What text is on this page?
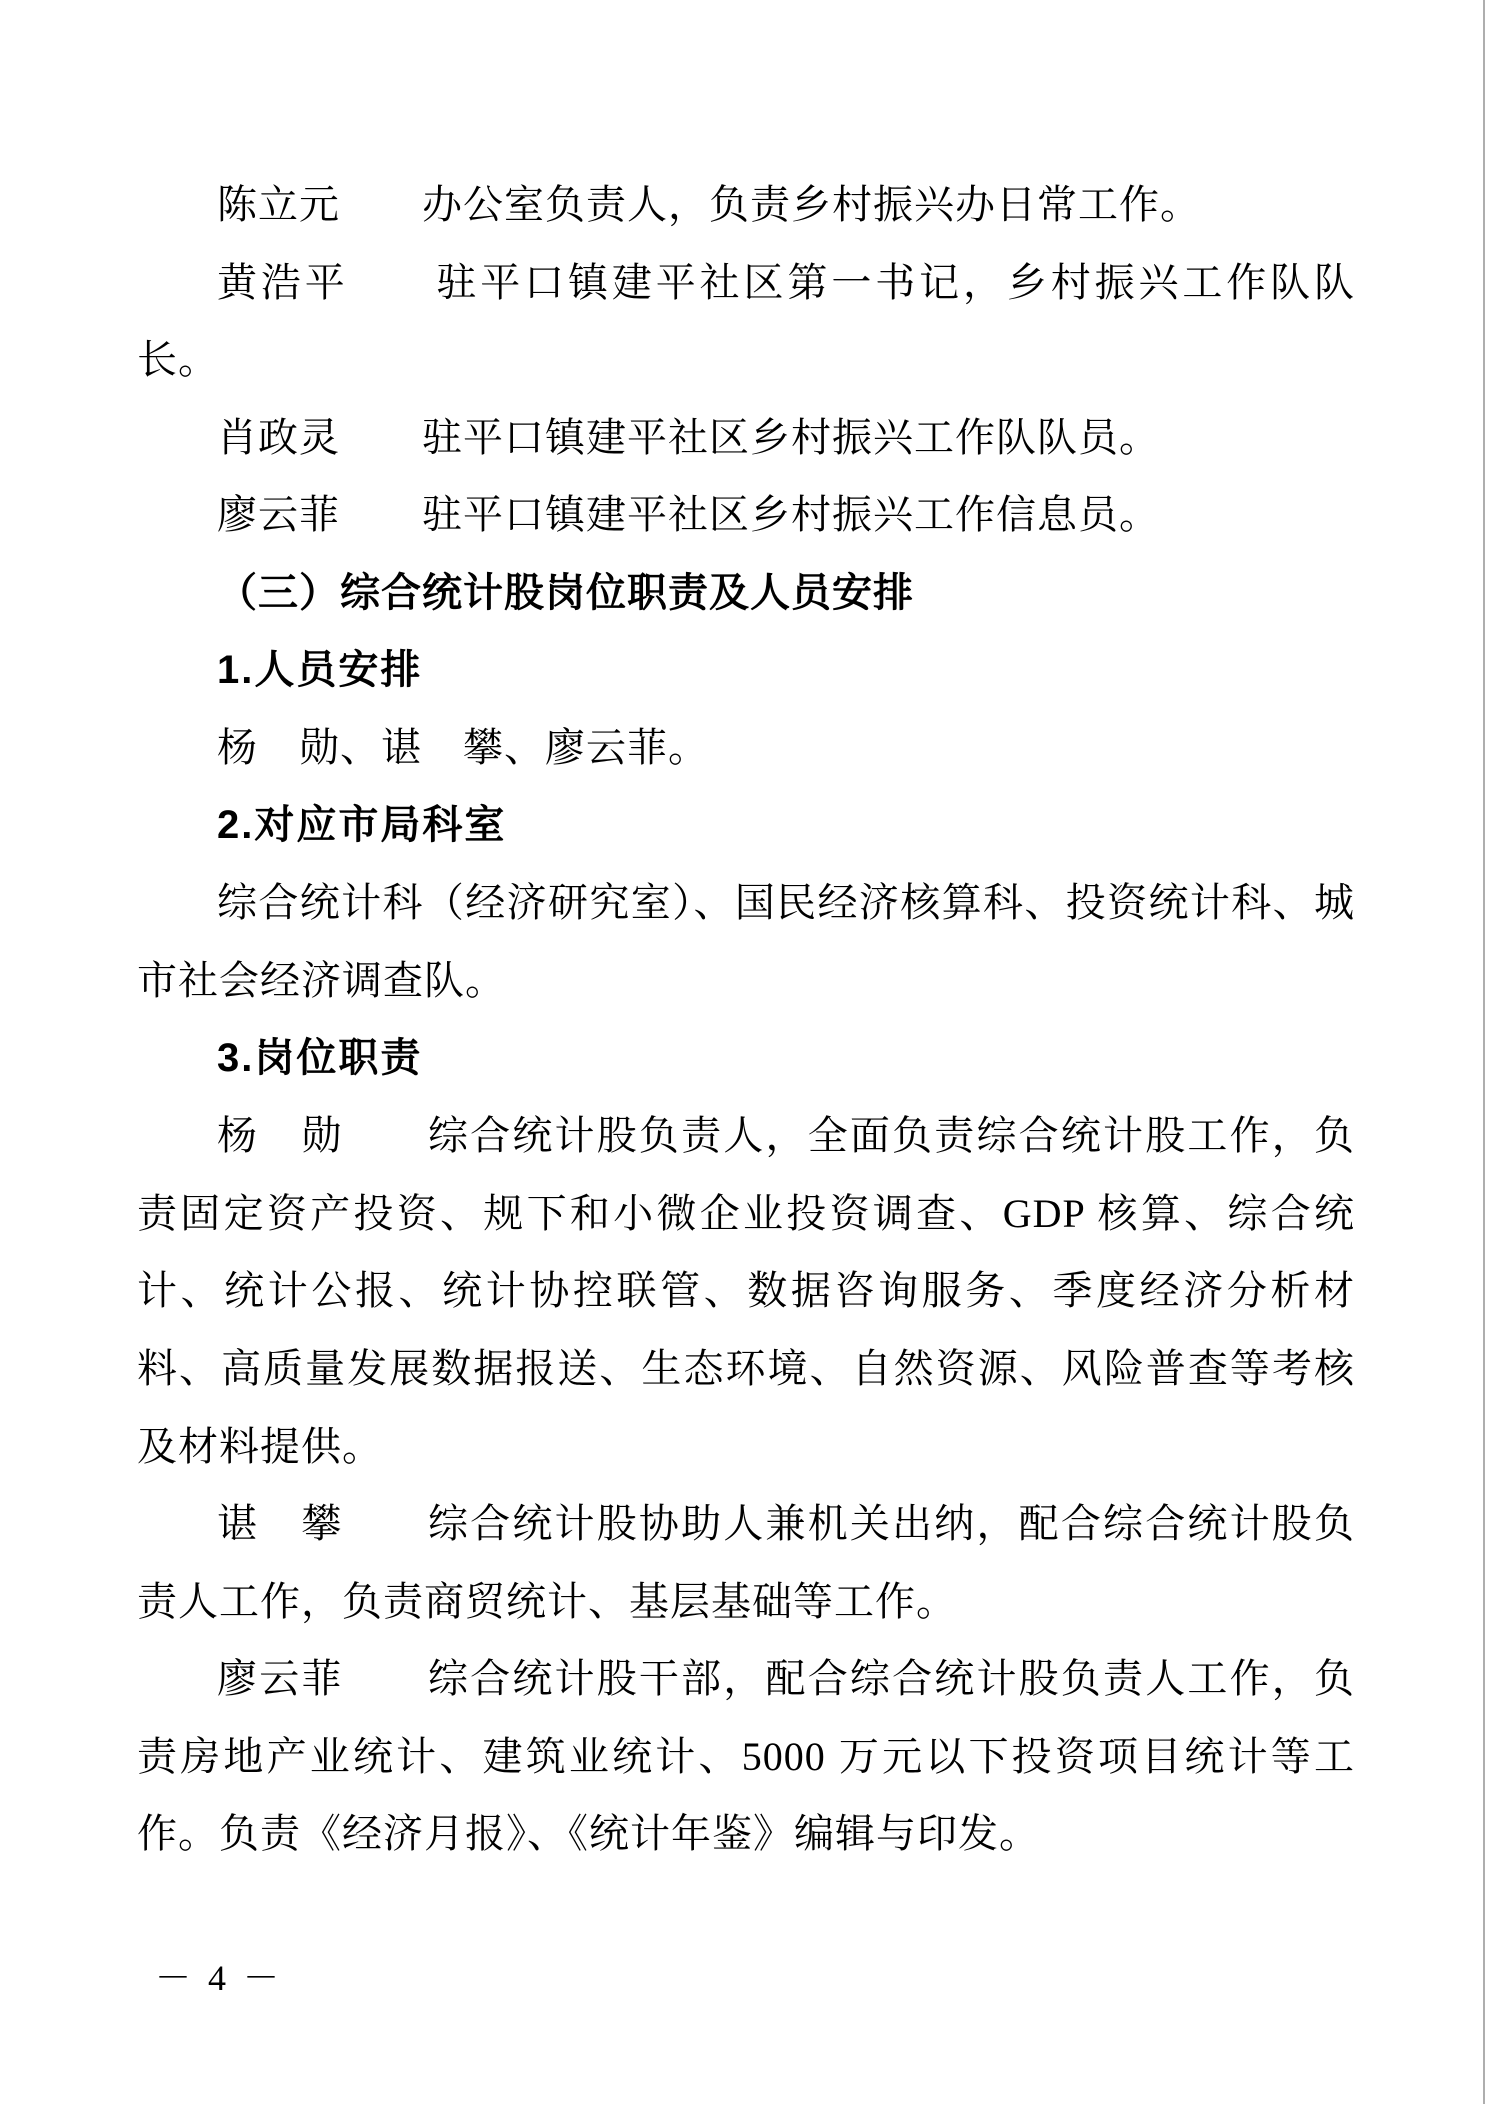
陈立元　　办公室负责人，负责乡村振兴办日常工作。

黄浩平　　驻平口镇建平社区第一书记，乡村振兴工作队队长。

肖政灵　　驻平口镇建平社区乡村振兴工作队队员。

廖云菲　　驻平口镇建平社区乡村振兴工作信息员。

（三）综合统计股岗位职责及人员安排

1.人员安排

杨　勋、谌　攀、廖云菲。

2.对应市局科室

综合统计科（经济研究室）、国民经济核算科、投资统计科、城市社会经济调查队。

3.岗位职责

杨　勋　　综合统计股负责人，全面负责综合统计股工作，负责固定资产投资、规下和小微企业投资调查、GDP 核算、综合统计、统计公报、统计协控联管、数据咨询服务、季度经济分析材料、高质量发展数据报送、生态环境、自然资源、风险普查等考核及材料提供。

谌　攀　　综合统计股协助人兼机关出纳，配合综合统计股负责人工作，负责商贸统计、基层基础等工作。

廖云菲　　综合统计股干部，配合综合统计股负责人工作，负责房地产业统计、建筑业统计、5000 万元以下投资项目统计等工作。负责《经济月报》、《统计年鉴》编辑与印发。

－ 4 －
